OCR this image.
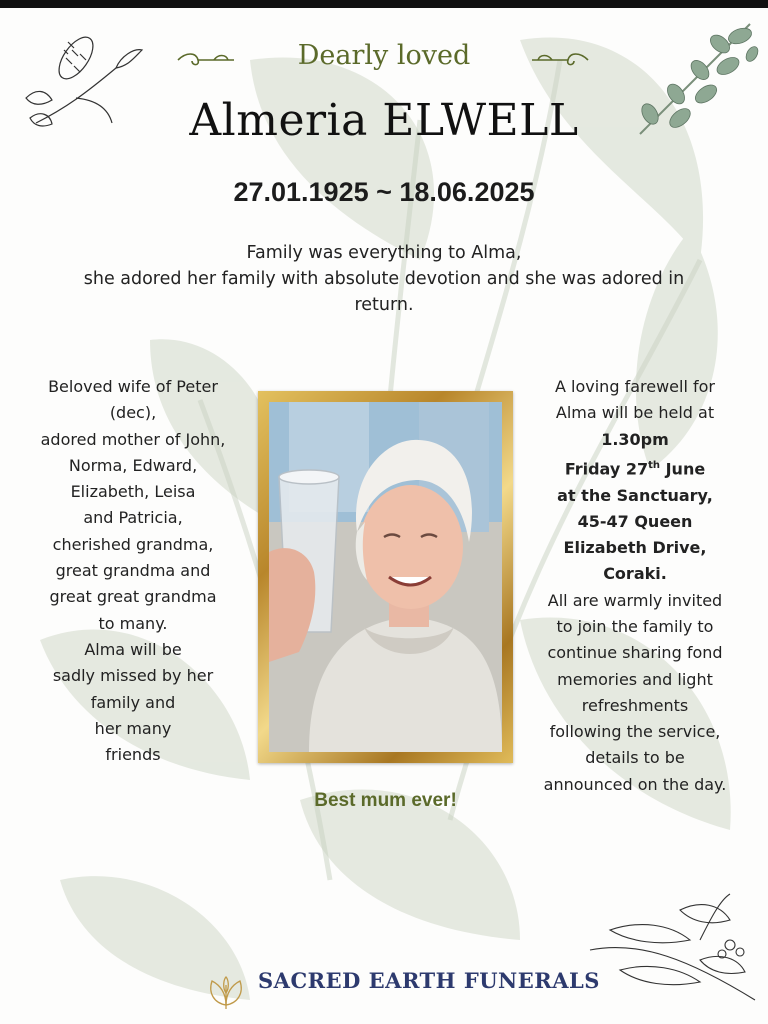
Dearly loved
Almeria ELWELL
27.01.1925 ~ 18.06.2025
Family was everything to Alma,
she adored her family with absolute devotion and she was adored in
return.
Beloved wife of Peter
(dec),
adored mother of John,
Norma, Edward,
Elizabeth, Leisa
and Patricia,
cherished grandma,
great grandma and
great great grandma
to many.
Alma will be
sadly missed by her
family and
her many
friends
A loving farewell for
Alma will be held at
1.30pm
Friday 27th June
at the Sanctuary,
45-47 Queen
Elizabeth Drive,
Coraki.
All are warmly invited
to join the family to
continue sharing fond
memories and light
refreshments
following the service,
details to be
announced on the day.
Best mum ever!
SACRED EARTH FUNERALS
